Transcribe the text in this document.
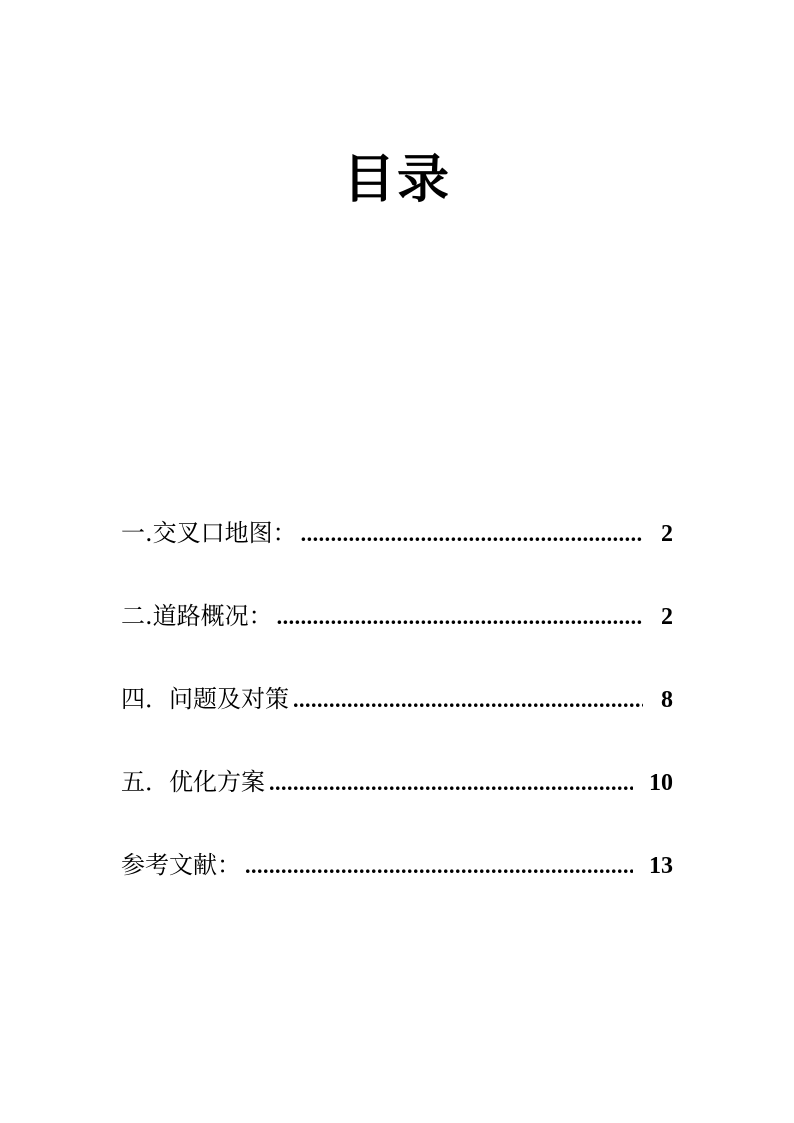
目录
一.交叉口地图： .....	2
二.道路概况： .....	2
四．问题及对策 .....	8
五．优化方案 .....	10
参考文献： .....	13
